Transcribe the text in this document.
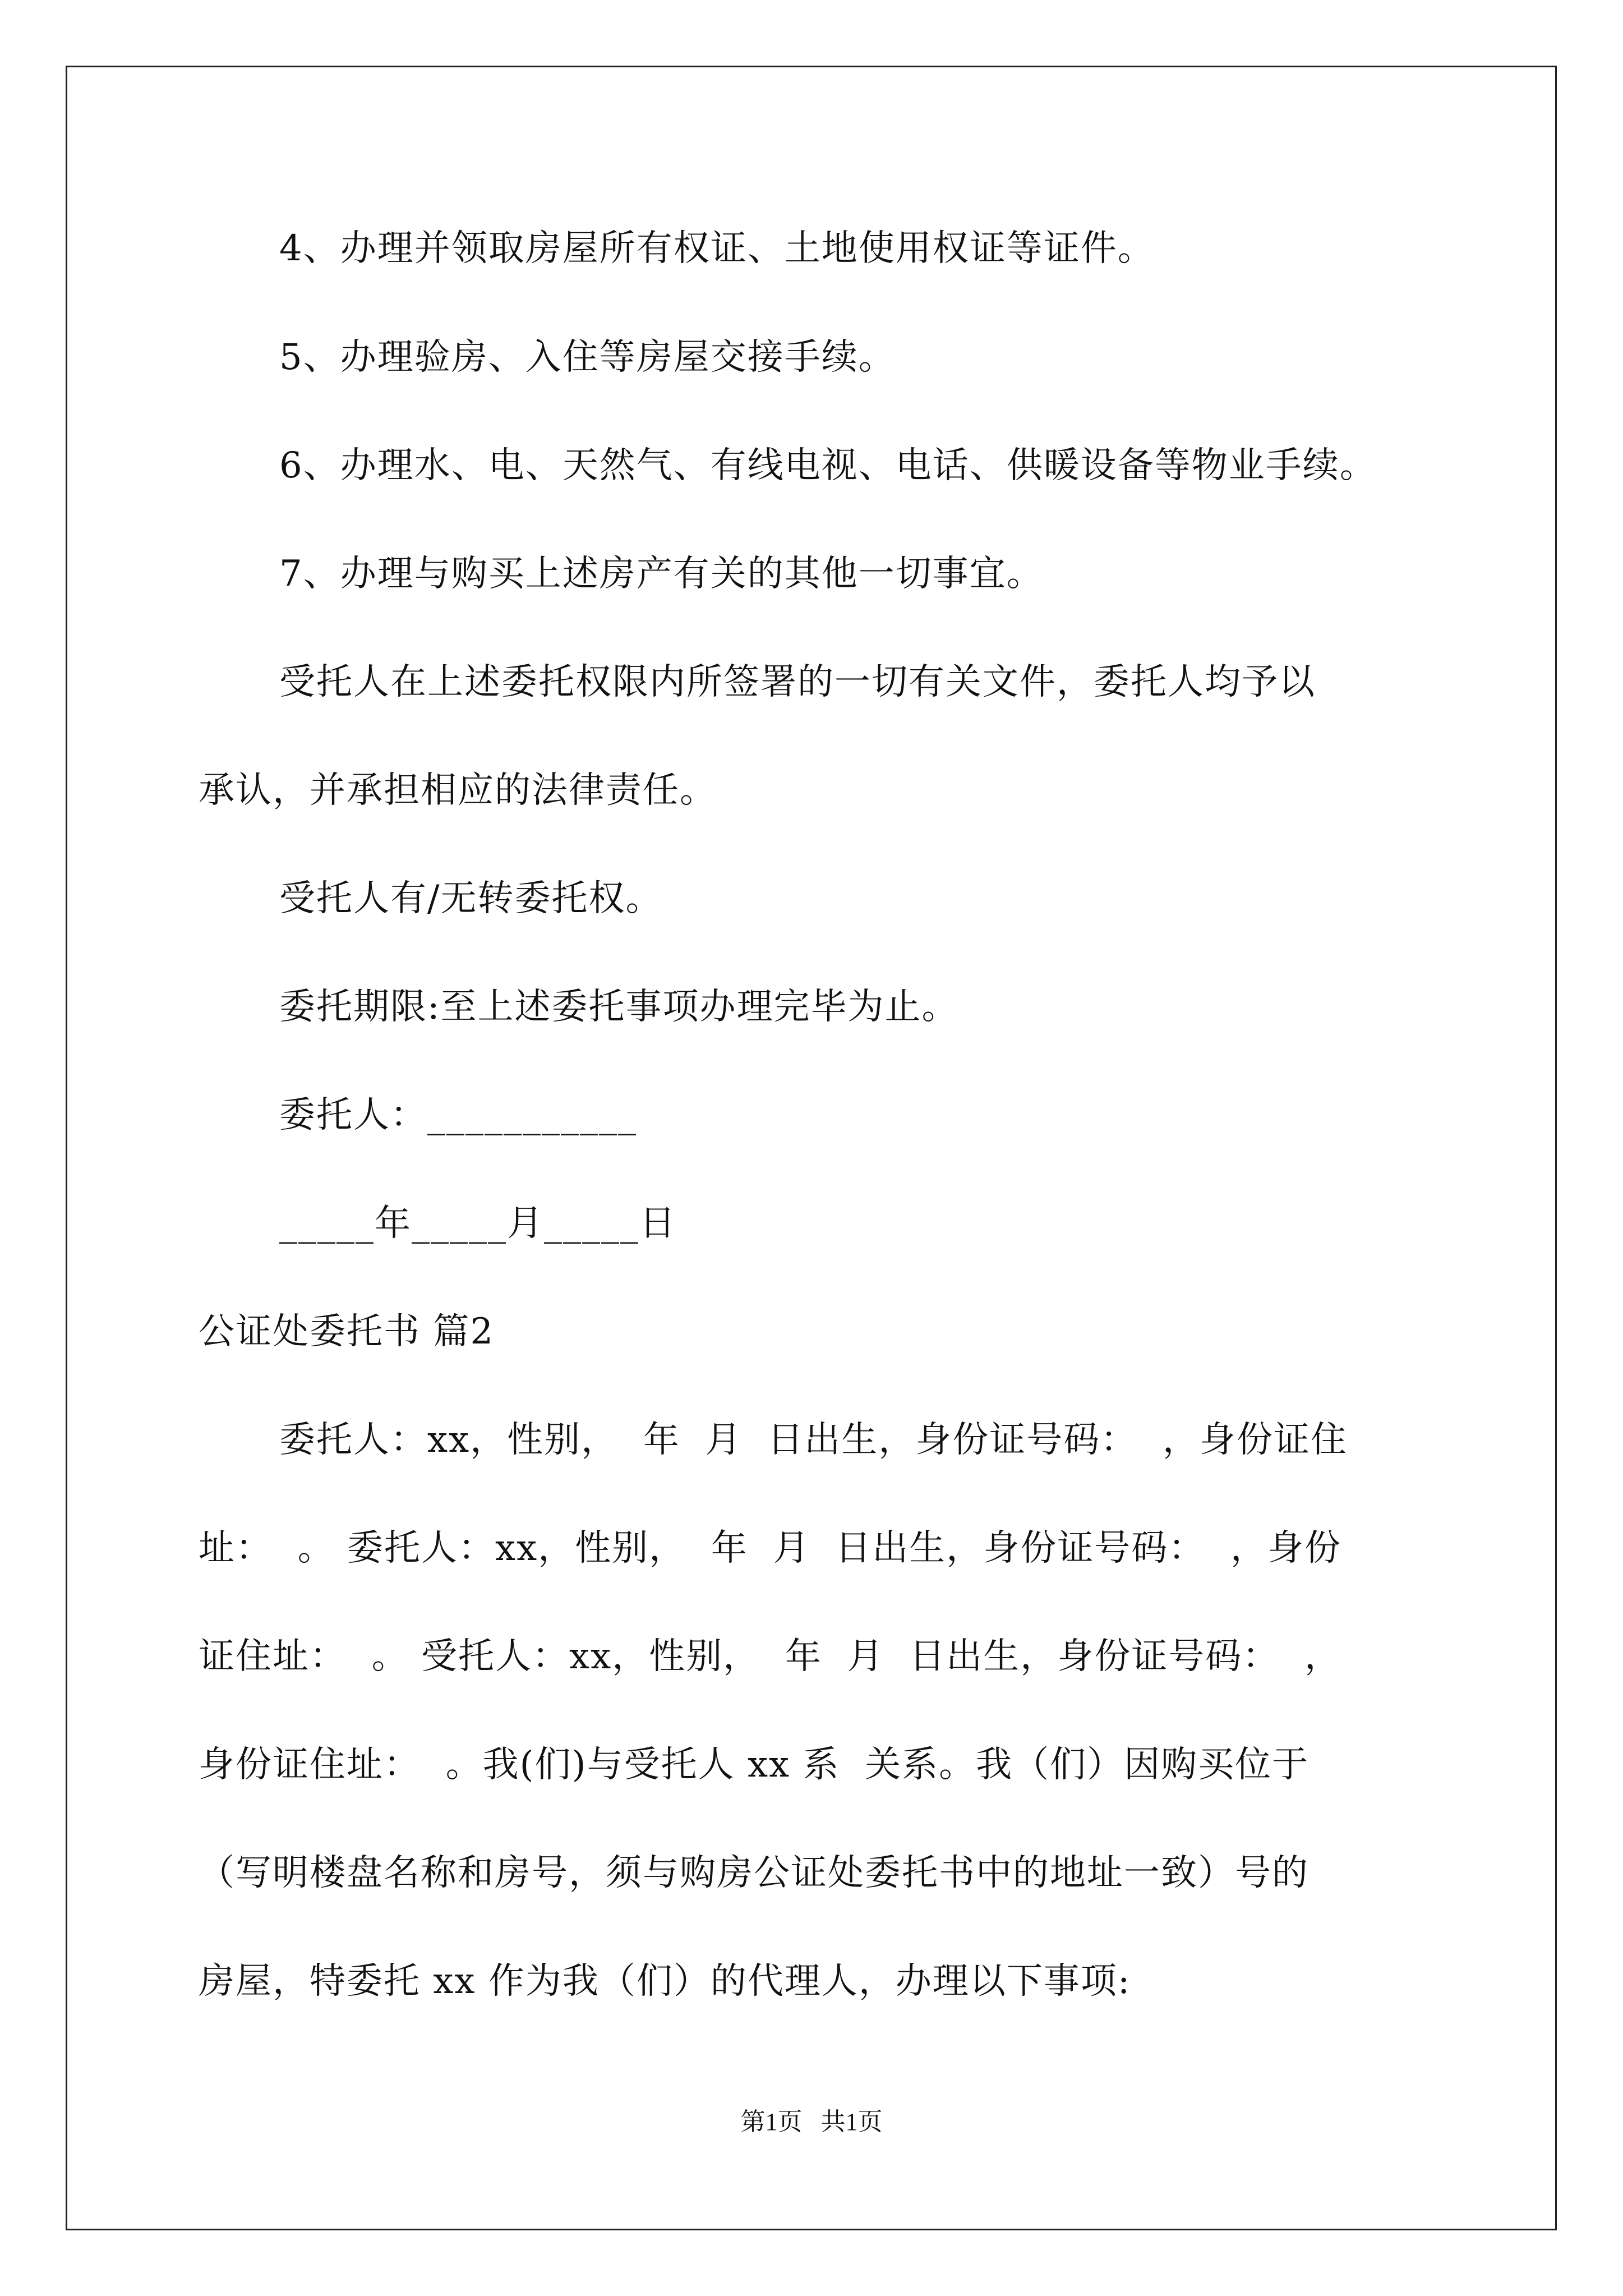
4、办理并领取房屋所有权证、土地使用权证等证件。
5、办理验房、入住等房屋交接手续。
6、办理水、电、天然气、有线电视、电话、供暖设备等物业手续。
7、办理与购买上述房产有关的其他一切事宜。
受托人在上述委托权限内所签署的一切有关文件，委托人均予以
承认，并承担相应的法律责任。
受托人有/无转委托权。
委托期限:至上述委托事项办理完毕为止。
委托人：___________
_____年_____月_____日
公证处委托书 篇2
委托人：xx，性别，  年  月  日出生，身份证号码：  ，身份证住
址：  。 委托人：xx，性别，  年  月  日出生，身份证号码：  ，身份
证住址：  。 受托人：xx，性别，  年  月  日出生，身份证号码：  ，
身份证住址：  。我(们)与受托人 xx 系  关系。我（们）因购买位于
（写明楼盘名称和房号，须与购房公证处委托书中的地址一致）号的
房屋，特委托 xx 作为我（们）的代理人，办理以下事项:
第1页   共1页
